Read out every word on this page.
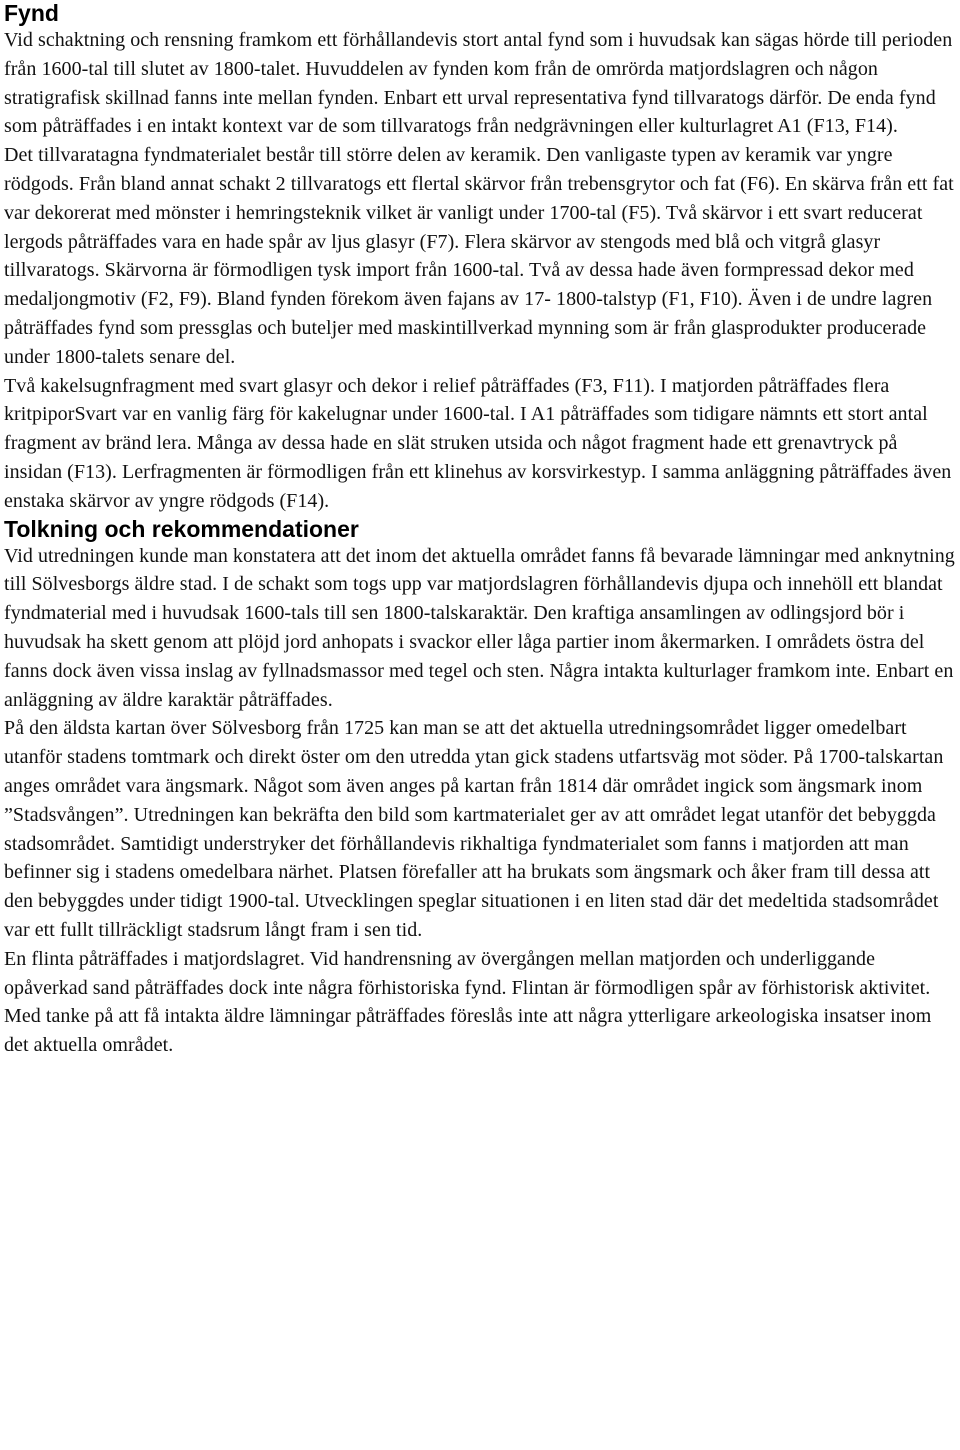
Fynd

Vid schaktning och rensning framkom ett förhållandevis stort antal fynd som i huvudsak kan sägas hörde till perioden från 1600-tal till slutet av 1800-talet. Huvuddelen av fynden kom från de omrörda matjordslagren och någon stratigrafisk skillnad fanns inte mellan fynden. Enbart ett urval representativa fynd tillvaratogs därför. De enda fynd som påträffades i en intakt kontext var de som tillvaratogs från nedgrävningen eller kulturlagret A1 (F13, F14).

Det tillvaratagna fyndmaterialet består till större delen av keramik. Den vanligaste typen av keramik var yngre rödgods. Från bland annat schakt 2 tillvaratogs ett flertal skärvor från trebensgrytor och fat (F6). En skärva från ett fat var dekorerat med mönster i hemringsteknik vilket är vanligt under 1700-tal (F5). Två skärvor i ett svart reducerat lergods påträffades vara en hade spår av ljus glasyr (F7). Flera skärvor av stengods med blå och vitgrå glasyr tillvaratogs. Skärvorna är förmodligen tysk import från 1600-tal. Två av dessa hade även formpressad dekor med medaljongmotiv (F2, F9). Bland fynden förekom även fajans av 17- 1800-talstyp (F1, F10). Även i de undre lagren påträffades fynd som pressglas och buteljer med maskintillverkad mynning som är från glasprodukter producerade under 1800-talets senare del.

Två kakelsugnfragment med svart glasyr och dekor i relief påträffades (F3, F11). I matjorden påträffades flera kritpiporSvart var en vanlig färg för kakelugnar under 1600-tal. I A1 påträffades som tidigare nämnts ett stort antal fragment av bränd lera. Många av dessa hade en slät struken utsida och något fragment hade ett grenavtryck på insidan (F13). Lerfragmenten är förmodligen från ett klinehus av korsvirkestyp. I samma anläggning påträffades även enstaka skärvor av yngre rödgods (F14).

Tolkning och rekommendationer

Vid utredningen kunde man konstatera att det inom det aktuella området fanns få bevarade lämningar med anknytning till Sölvesborgs äldre stad. I de schakt som togs upp var matjordslagren förhållandevis djupa och innehöll ett blandat fyndmaterial med i huvudsak 1600-tals till sen 1800-talskaraktär. Den kraftiga ansamlingen av odlingsjord bör i huvudsak ha skett genom att plöjd jord anhopats i svackor eller låga partier inom åkermarken. I områdets östra del fanns dock även vissa inslag av fyllnadsmassor med tegel och sten. Några intakta kulturlager framkom inte. Enbart en anläggning av äldre karaktär påträffades.

På den äldsta kartan över Sölvesborg från 1725 kan man se att det aktuella utredningsområdet ligger omedelbart utanför stadens tomtmark och direkt öster om den utredda ytan gick stadens utfartsväg mot söder. På 1700-talskartan anges området vara ängsmark. Något som även anges på kartan från 1814 där området ingick som ängsmark inom ”Stadsvången”. Utredningen kan bekräfta den bild som kartmaterialet ger av att området legat utanför det bebyggda stadsområdet. Samtidigt understryker det förhållandevis rikhaltiga fyndmaterialet som fanns i matjorden att man befinner sig i stadens omedelbara närhet. Platsen förefaller att ha brukats som ängsmark och åker fram till dessa att den bebyggdes under tidigt 1900-tal. Utvecklingen speglar situationen i en liten stad där det medeltida stadsområdet var ett fullt tillräckligt stadsrum långt fram i sen tid.

En flinta påträffades i matjordslagret. Vid handrensning av övergången mellan matjorden och underliggande opåverkad sand påträffades dock inte några förhistoriska fynd. Flintan är förmodligen spår av förhistorisk aktivitet.

Med tanke på att få intakta äldre lämningar påträffades föreslås inte att några ytterligare arkeologiska insatser inom det aktuella området.
